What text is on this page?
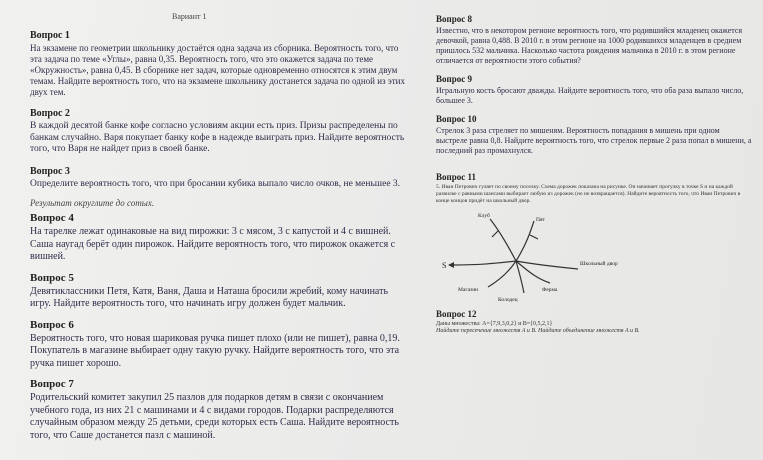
Вариант 1

Вопрос 1

На экзамене по геометрии школьнику достаётся одна задача из сборника. Вероятность того, что эта задача по теме «Углы», равна 0,35. Вероятность того, что это окажется задача по теме «Окружность», равна 0,45. В сборнике нет задач, которые одновременно относятся к этим двум темам. Найдите вероятность того, что на экзамене школьнику достанется задача по одной из этих двух тем.

Вопрос 2

В каждой десятой банке кофе согласно условиям акции есть приз. Призы распределены по банкам случайно. Варя покупает банку кофе в надежде выиграть приз. Найдите вероятность того, что Варя не найдет приз в своей банке.

Вопрос 3

Определите вероятность того, что при бросании кубика выпало число очков, не меньшее 3.

Результат округлите до сотых.

Вопрос 4

На тарелке лежат одинаковые на вид пирожки: 3 с мясом, 3 с капустой и 4 с вишней. Саша наугад берёт один пирожок. Найдите вероятность того, что пирожок окажется с вишней.

Вопрос 5

Девятиклассники Петя, Катя, Ваня, Даша и Наташа бросили жребий, кому начинать игру. Найдите вероятность того, что начинать игру должен будет мальчик.

Вопрос 6

Вероятность того, что новая шариковая ручка пишет плохо (или не пишет), равна 0,19. Покупатель в магазине выбирает одну такую ручку. Найдите вероятность того, что эта ручка пишет хорошо.

Вопрос 7

Родительский комитет закупил 25 пазлов для подарков детям в связи с окончанием учебного года, из них 21 с машинами и 4 с видами городов. Подарки распределяются случайным образом между 25 детьми, среди которых есть Саша. Найдите вероятность того, что Саше достанется пазл с машиной.

Вопрос 8

Известно, что в некотором регионе вероятность того, что родившийся младенец окажется девочкой, равна 0,488. В 2010 г. в этом регионе на 1000 родившихся младенцев в среднем пришлось 532 мальчика. Насколько частота рождения мальчика в 2010 г. в этом регионе отличается от вероятности этого события?

Вопрос 9

Игральную кость бросают дважды. Найдите вероятность того, что оба раза выпало число, большее 3.

Вопрос 10

Стрелок 3 раза стреляет по мишеням. Вероятность попадания в мишень при одном выстреле равна 0,8. Найдите вероятность того, что стрелок первые 2 раза попал в мишени, а последний раз промахнулся.

Вопрос 11

5. Иван Петрович гуляет по своему поселку. Схема дорожек показана на рисунке. Он начинает прогулку в точке S и на каждой развилке с равными шансами выбирает любую из дорожек (но не возвращается). Найдите вероятность того, что Иван Петрович в конце концов придёт на школьный двор.

S
Клуб
Пят
Школьный двор
Магазин	Ферма
Колодец

Вопрос 12

Даны множества: A={7,9,3,0,2} и B={0,5,2,1}

Найдите пересечение множеств A и B. Найдите объединение множеств A и B.
